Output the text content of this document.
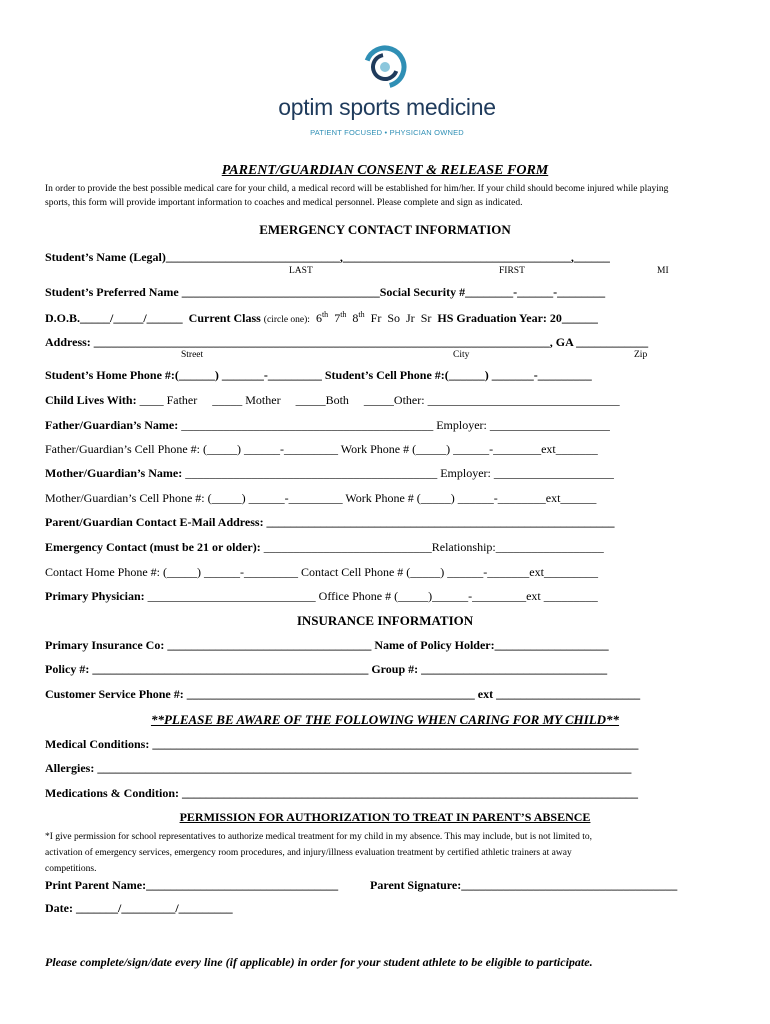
optim sports medicine
PATIENT FOCUSED • PHYSICIAN OWNED
PARENT/GUARDIAN CONSENT & RELEASE FORM
In order to provide the best possible medical care for your child, a medical record will be established for him/her. If your child should become injured while playing
sports, this form will provide important information to coaches and medical personnel. Please complete and sign as indicated.
EMERGENCY CONTACT INFORMATION
Student’s Name (Legal)_____________________________,______________________________________,______
LAST	FIRST	MI
Student’s Preferred Name _________________________________Social Security #________-______-________
D.O.B._____/_____/______ Current Class (circle one): 6th 7th 8th Fr So Jr Sr HS Graduation Year: 20______
Address: ____________________________________________________________________________, GA ____________
Street	City	Zip
Student’s Home Phone #:(______) _______-_________ Student’s Cell Phone #:(______) _______-_________
Child Lives With: ____ Father     _____ Mother     _____Both     _____Other: ________________________________
Father/Guardian’s Name: __________________________________________ Employer: ____________________
Father/Guardian’s Cell Phone #: (_____) ______-_________ Work Phone # (_____) ______-________ext_______
Mother/Guardian’s Name: __________________________________________ Employer: ____________________
Mother/Guardian’s Cell Phone #: (_____) ______-_________ Work Phone # (_____) ______-________ext______
Parent/Guardian Contact E-Mail Address: __________________________________________________________
Emergency Contact (must be 21 or older): ____________________________Relationship:__________________
Contact Home Phone #: (_____) ______-_________ Contact Cell Phone # (_____) ______-_______ext_________
Primary Physician: ____________________________ Office Phone # (_____)______-_________ext _________
INSURANCE INFORMATION
Primary Insurance Co: __________________________________ Name of Policy Holder:___________________
Policy #: ______________________________________________ Group #: _______________________________
Customer Service Phone #: ________________________________________________ ext ________________________
**PLEASE BE AWARE OF THE FOLLOWING WHEN CARING FOR MY CHILD**
Medical Conditions: _________________________________________________________________________________
Allergies: _________________________________________________________________________________________
Medications & Condition: ____________________________________________________________________________
PERMISSION FOR AUTHORIZATION TO TREAT IN PARENT’S ABSENCE
*I give permission for school representatives to authorize medical treatment for my child in my absence. This may include, but is not limited to,
activation of emergency services, emergency room procedures, and injury/illness evaluation treatment by certified athletic trainers at away
competitions.
Print Parent Name:________________________________	Parent Signature:____________________________________
Date: _______/_________/_________
Please complete/sign/date every line (if applicable) in order for your student athlete to be eligible to participate.
